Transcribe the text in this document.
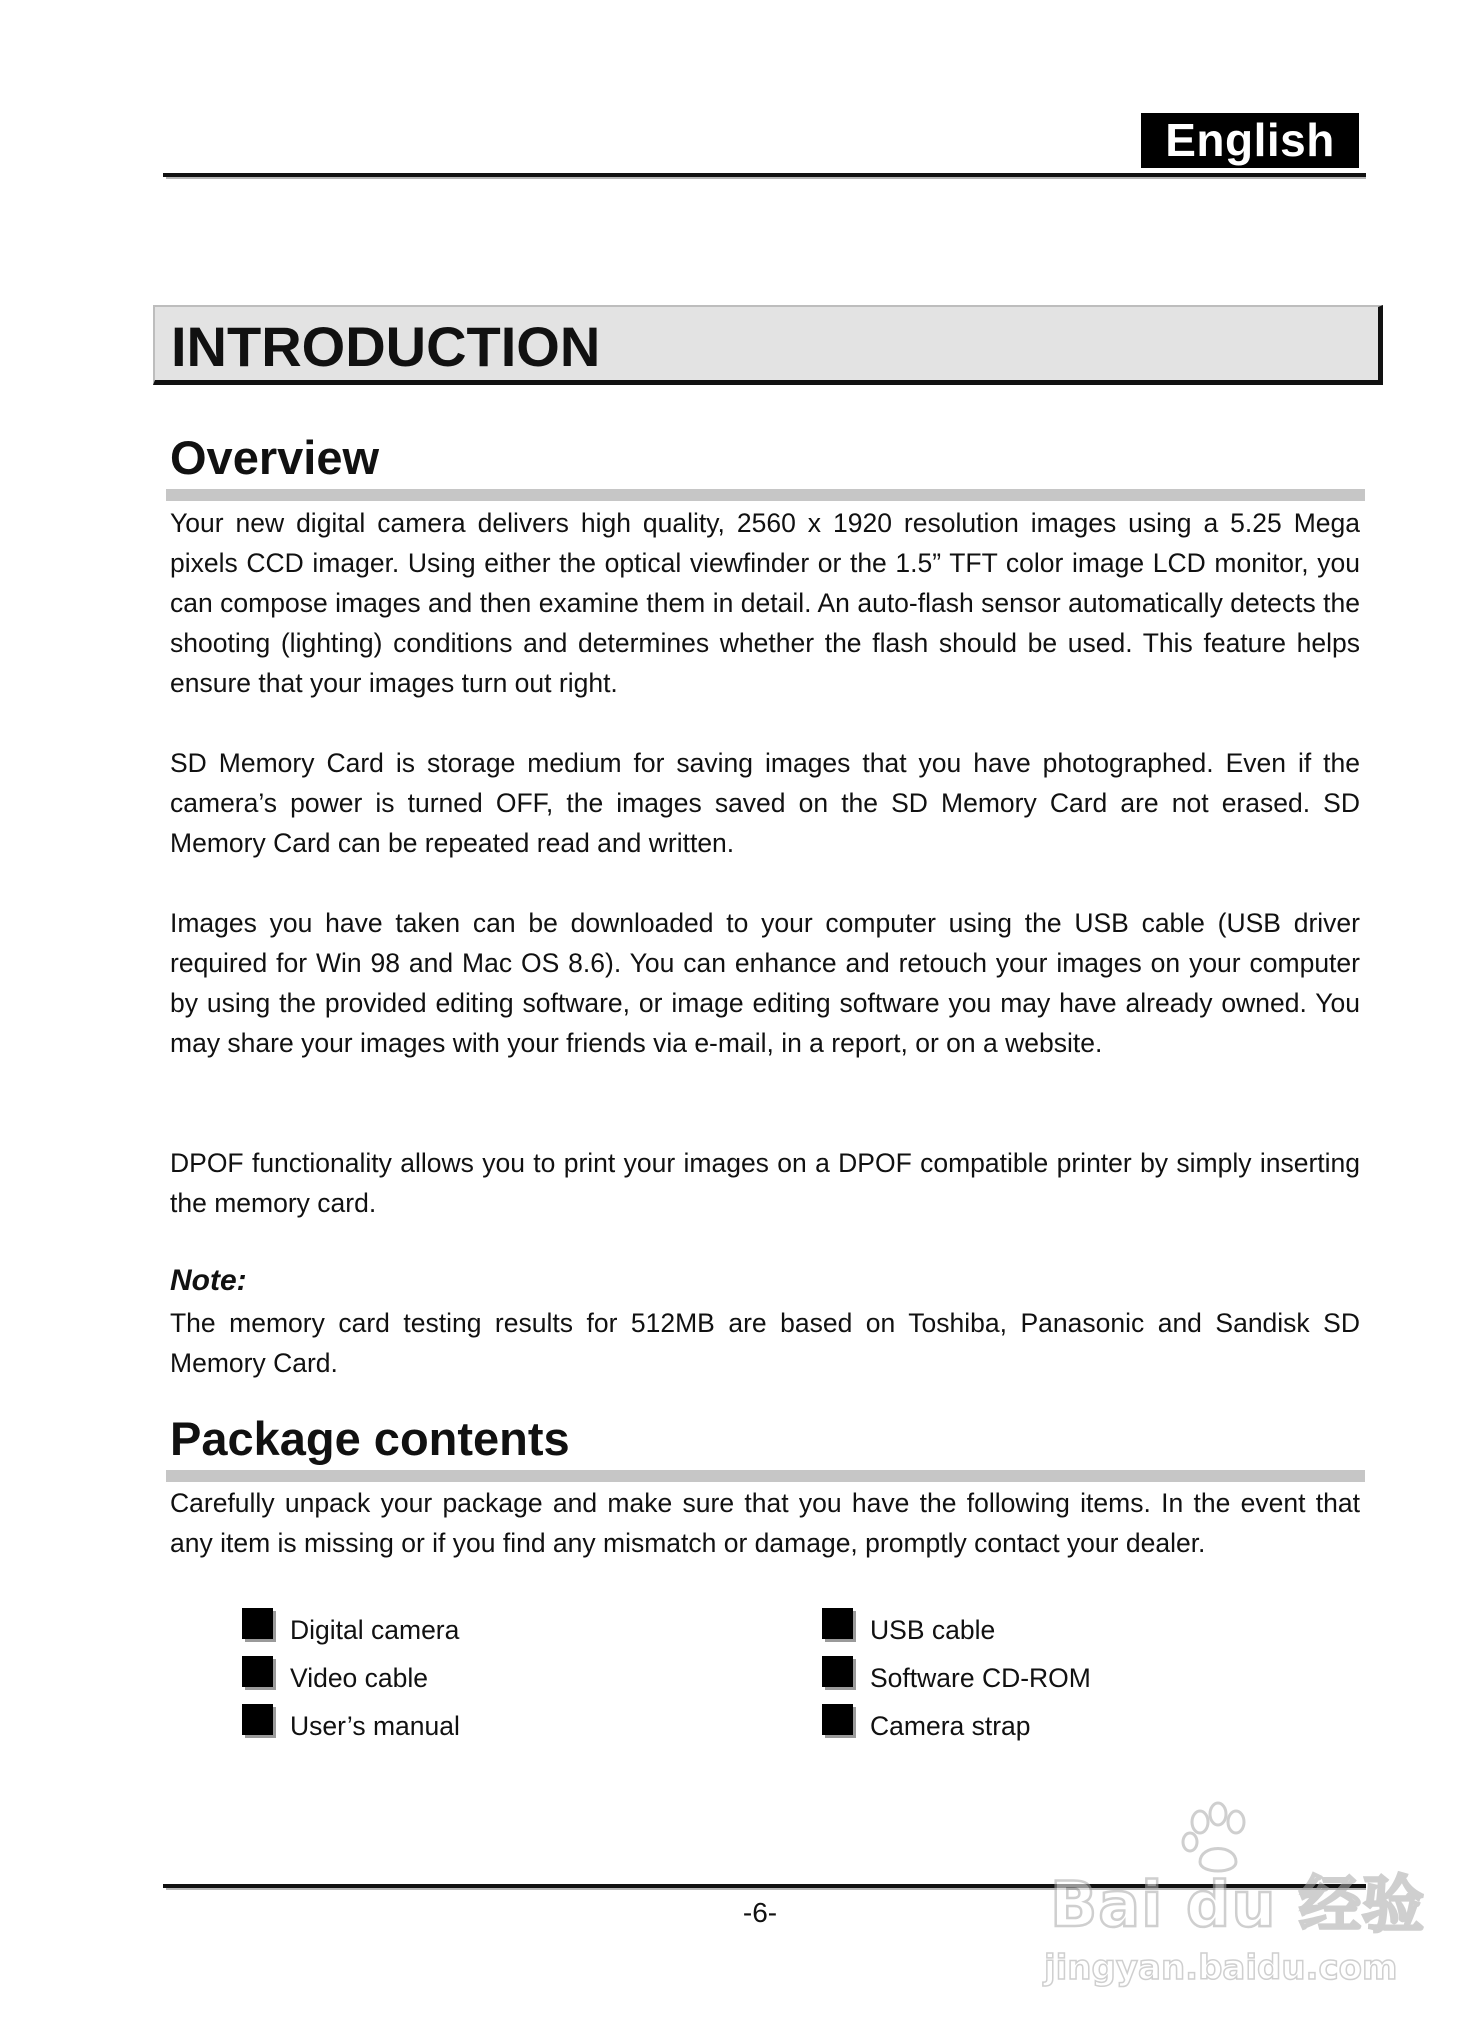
English
INTRODUCTION
Overview

Your new digital camera delivers high quality, 2560 x 1920 resolution images using a 5.25 Mega pixels CCD imager. Using either the optical viewfinder or the 1.5” TFT color image LCD monitor, you can compose images and then examine them in detail. An auto-flash sensor automatically detects the shooting (lighting) conditions and determines whether the flash should be used. This feature helps ensure that your images turn out right.

SD Memory Card is storage medium for saving images that you have photographed. Even if the camera’s power is turned OFF, the images saved on the SD Memory Card are not erased. SD Memory Card can be repeated read and written.

Images you have taken can be downloaded to your computer using the USB cable (USB driver required for Win 98 and Mac OS 8.6). You can enhance and retouch your images on your computer by using the provided editing software, or image editing software you may have already owned. You may share your images with your friends via e-mail, in a report, or on a website.

DPOF functionality allows you to print your images on a DPOF compatible printer by simply inserting the memory card.

Note:

The memory card testing results for 512MB are based on Toshiba, Panasonic and Sandisk SD Memory Card.

Package contents

Carefully unpack your package and make sure that you have the following items. In the event that any item is missing or if you find any mismatch or damage, promptly contact your dealer.

Digital camera
Video cable
User’s manual
USB cable
Software CD-ROM
Camera strap

-6-	Bai du 经验
jingyan.baidu.com
